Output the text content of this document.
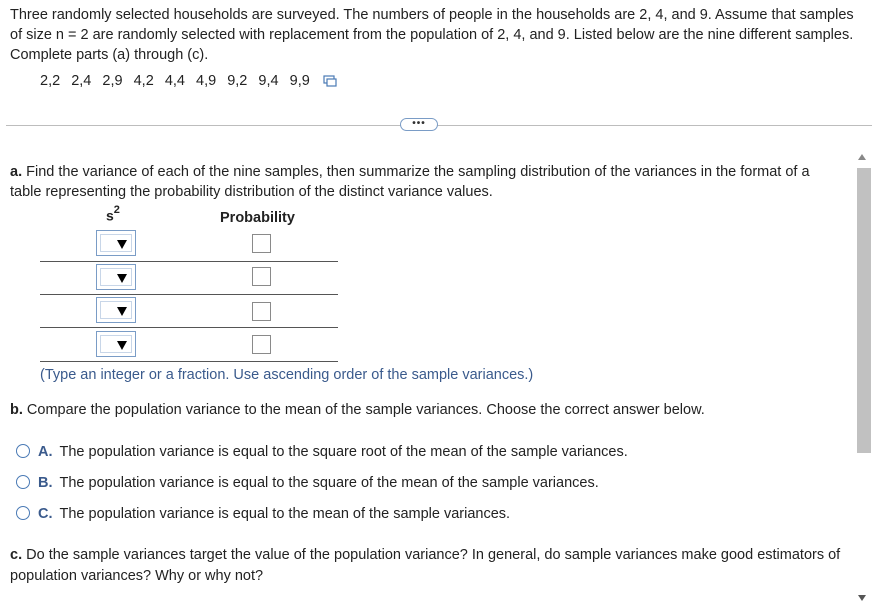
Three randomly selected households are surveyed. The numbers of people in the households are 2, 4, and 9. Assume that samples of size n = 2 are randomly selected with replacement from the population of 2, 4, and 9. Listed below are the nine different samples. Complete parts (a) through (c).
2,2 2,4 2,9 4,2 4,4 4,9 9,2 9,4 9,9
•••
a. Find the variance of each of the nine samples, then summarize the sampling distribution of the variances in the format of a table representing the probability distribution of the distinct variance values.
$s^2$	Probability
(Type an integer or a fraction. Use ascending order of the sample variances.)
b. Compare the population variance to the mean of the sample variances. Choose the correct answer below.
A. The population variance is equal to the square root of the mean of the sample variances.
B. The population variance is equal to the square of the mean of the sample variances.
C. The population variance is equal to the mean of the sample variances.
c. Do the sample variances target the value of the population variance? In general, do sample variances make good estimators of population variances? Why or why not?
